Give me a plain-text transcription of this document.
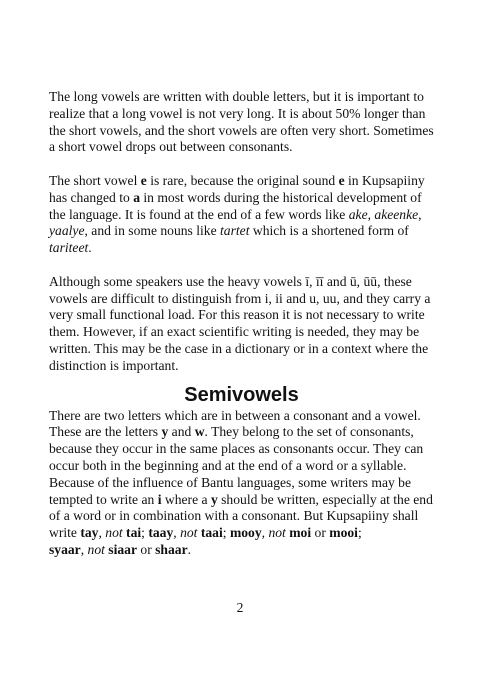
The long vowels are written with double letters, but it is important to realize that a long vowel is not very long. It is about 50% longer than the short vowels, and the short vowels are often very short. Sometimes a short vowel drops out between consonants.

The short vowel e is rare, because the original sound e in Kupsapiiny has changed to a in most words during the historical development of the language. It is found at the end of a few words like ake, akeenke, yaalye, and in some nouns like tartet which is a shortened form of tariteet.

Although some speakers use the heavy vowels ī, īī and ū, ūū, these vowels are difficult to distinguish from i, ii and u, uu, and they carry a very small functional load. For this reason it is not necessary to write them. However, if an exact scientific writing is needed, they may be written. This may be the case in a dictionary or in a context where the distinction is important.

Semivowels

There are two letters which are in between a consonant and a vowel. These are the letters y and w. They belong to the set of consonants, because they occur in the same places as consonants occur. They can occur both in the beginning and at the end of a word or a syllable. Because of the influence of Bantu languages, some writers may be tempted to write an i where a y should be written, especially at the end of a word or in combination with a consonant. But Kupsapiiny shall write tay, not tai; taay, not taai; mooy, not moi or mooi;
syaar, not siaar or shaar.

2
